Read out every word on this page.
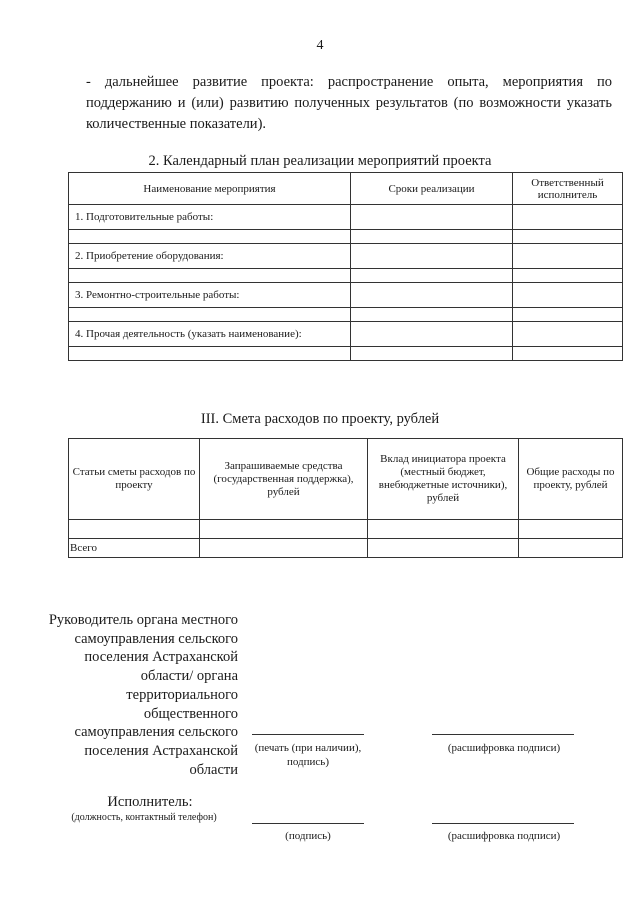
4
- дальнейшее развитие проекта: распространение опыта, мероприятия по поддержанию и (или) развитию полученных результатов (по возможности указать количественные показатели).
2. Календарный план реализации мероприятий проекта
Наименование мероприятия	Сроки реализации	Ответственный исполнитель
1. Подготовительные работы:		

2. Приобретение оборудования:		

3. Ремонтно-строительные работы:		

4. Прочая деятельность (указать наименование):		

III. Смета расходов по проекту, рублей
Статьи сметы расходов по проекту	Запрашиваемые средства (государственная поддержка), рублей	Вклад инициатора проекта (местный бюджет, внебюджетные источники), рублей	Общие расходы по проекту, рублей

Всего			
Руководитель органа местного самоуправления сельского поселения Астраханской области/ органа территориального общественного самоуправления сельского поселения Астраханской области
(печать (при наличии), подпись)
(расшифровка подписи)
Исполнитель:
(должность, контактный телефон)
(подпись)	(расшифровка подписи)
